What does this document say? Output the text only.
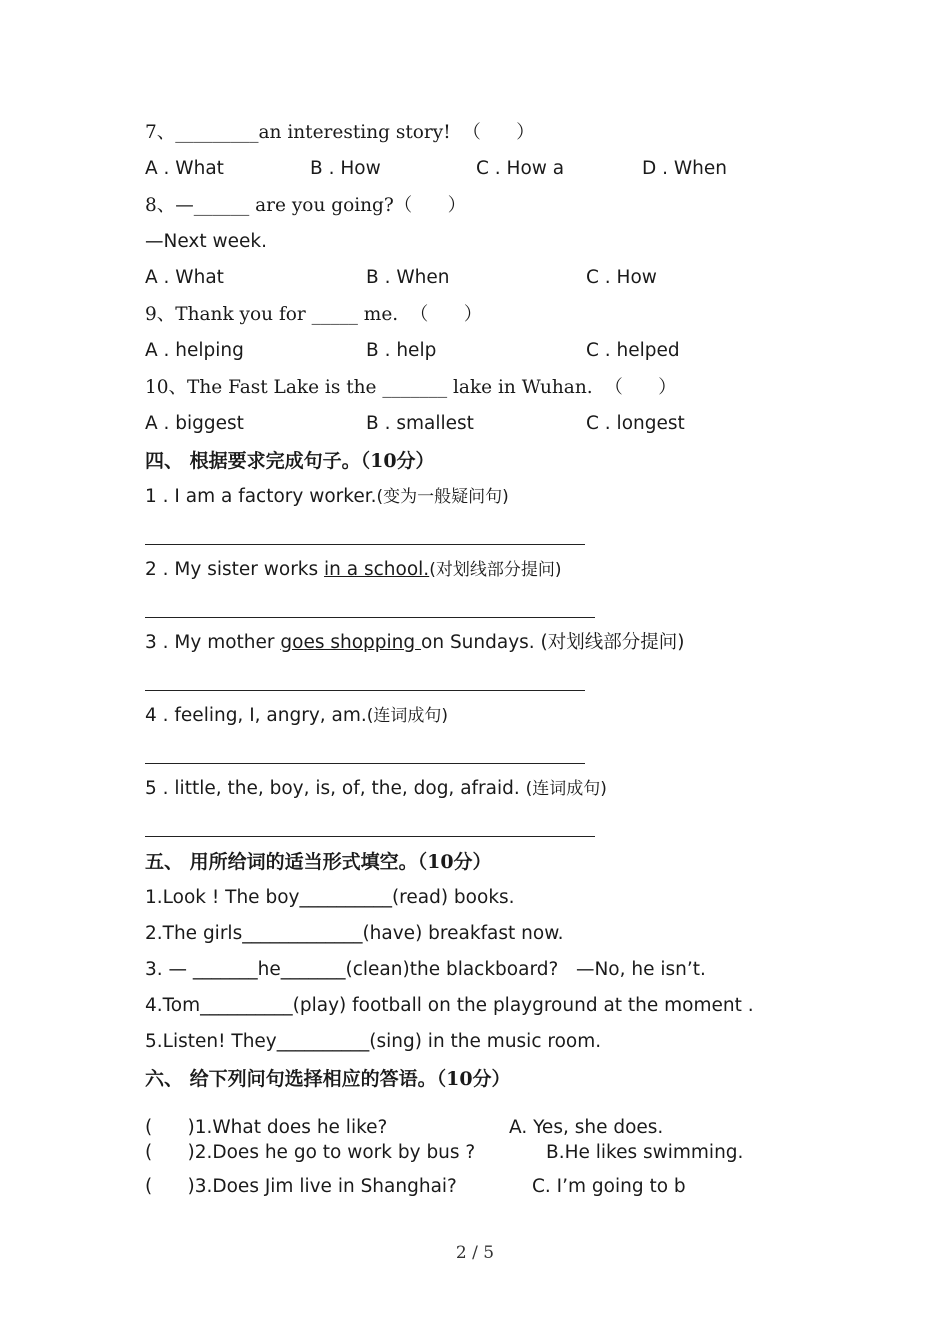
7、_________an interesting story!  （      ）
A . What	B . How	C . How a	D . When
8、—______ are you going?（      ）
—Next week.
A . What	B . When	C . How
9、Thank you for _____ me.  （      ）
A . helping	B . help	C . helped
10、The Fast Lake is the _______ lake in Wuhan.  （      ）
A . biggest	B . smallest	C . longest
四、 根据要求完成句子。（10分）
1 . I am a factory worker.(变为一般疑问句)
2 . My sister works in a school.(对划线部分提问)
3 . My mother goes shopping on Sundays. (对划线部分提问)
4 . feeling, I, angry, am.(连词成句)
5 . little, the, boy, is, of, the, dog, afraid. (连词成句)
五、 用所给词的适当形式填空。（10分）
1.Look ! The boy__________(read) books.
2.The girls_____________(have) breakfast now.
3. — _______he_______(clean)the blackboard?   —No, he isn’t.
4.Tom__________(play) football on the playground at the moment .
5.Listen! They__________(sing) in the music room.
六、 给下列问句选择相应的答语。（10分）
(      )1.What does he like?	A. Yes, she does.
(      )2.Does he go to work by bus ?	B.He likes swimming.
(      )3.Does Jim live in Shanghai?	C. I’m going to b
2 / 5
